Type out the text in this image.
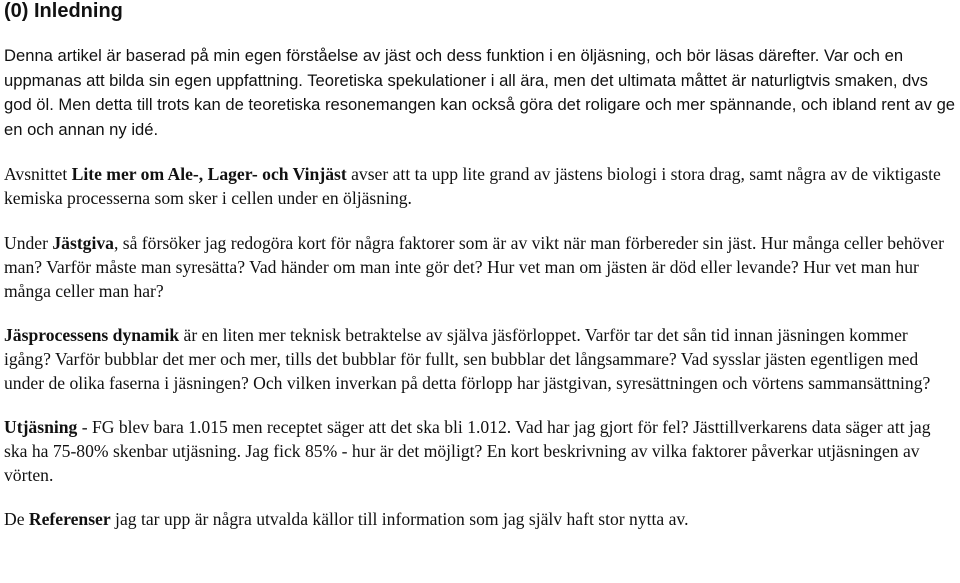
(0) Inledning

Denna artikel är baserad på min egen förståelse av jäst och dess funktion i en öljäsning, och bör läsas därefter. Var och en uppmanas att bilda sin egen uppfattning. Teoretiska spekulationer i all ära, men det ultimata måttet är naturligtvis smaken, dvs god öl. Men detta till trots kan de teoretiska resonemangen kan också göra det roligare och mer spännande, och ibland rent av ge en och annan ny idé.

Avsnittet Lite mer om Ale-, Lager- och Vinjäst avser att ta upp lite grand av jästens biologi i stora drag, samt några av de viktigaste kemiska processerna som sker i cellen under en öljäsning.

Under Jästgiva, så försöker jag redogöra kort för några faktorer som är av vikt när man förbereder sin jäst. Hur många celler behöver man? Varför måste man syresätta? Vad händer om man inte gör det? Hur vet man om jästen är död eller levande? Hur vet man hur många celler man har?

Jäsprocessens dynamik är en liten mer teknisk betraktelse av själva jäsförloppet. Varför tar det sån tid innan jäsningen kommer igång? Varför bubblar det mer och mer, tills det bubblar för fullt, sen bubblar det långsammare? Vad sysslar jästen egentligen med under de olika faserna i jäsningen? Och vilken inverkan på detta förlopp har jästgivan, syresättningen och vörtens sammansättning?

Utjäsning - FG blev bara 1.015 men receptet säger att det ska bli 1.012. Vad har jag gjort för fel? Jästtillverkarens data säger att jag ska ha 75-80% skenbar utjäsning. Jag fick 85% - hur är det möjligt? En kort beskrivning av vilka faktorer påverkar utjäsningen av vörten.

De Referenser jag tar upp är några utvalda källor till information som jag själv haft stor nytta av.
